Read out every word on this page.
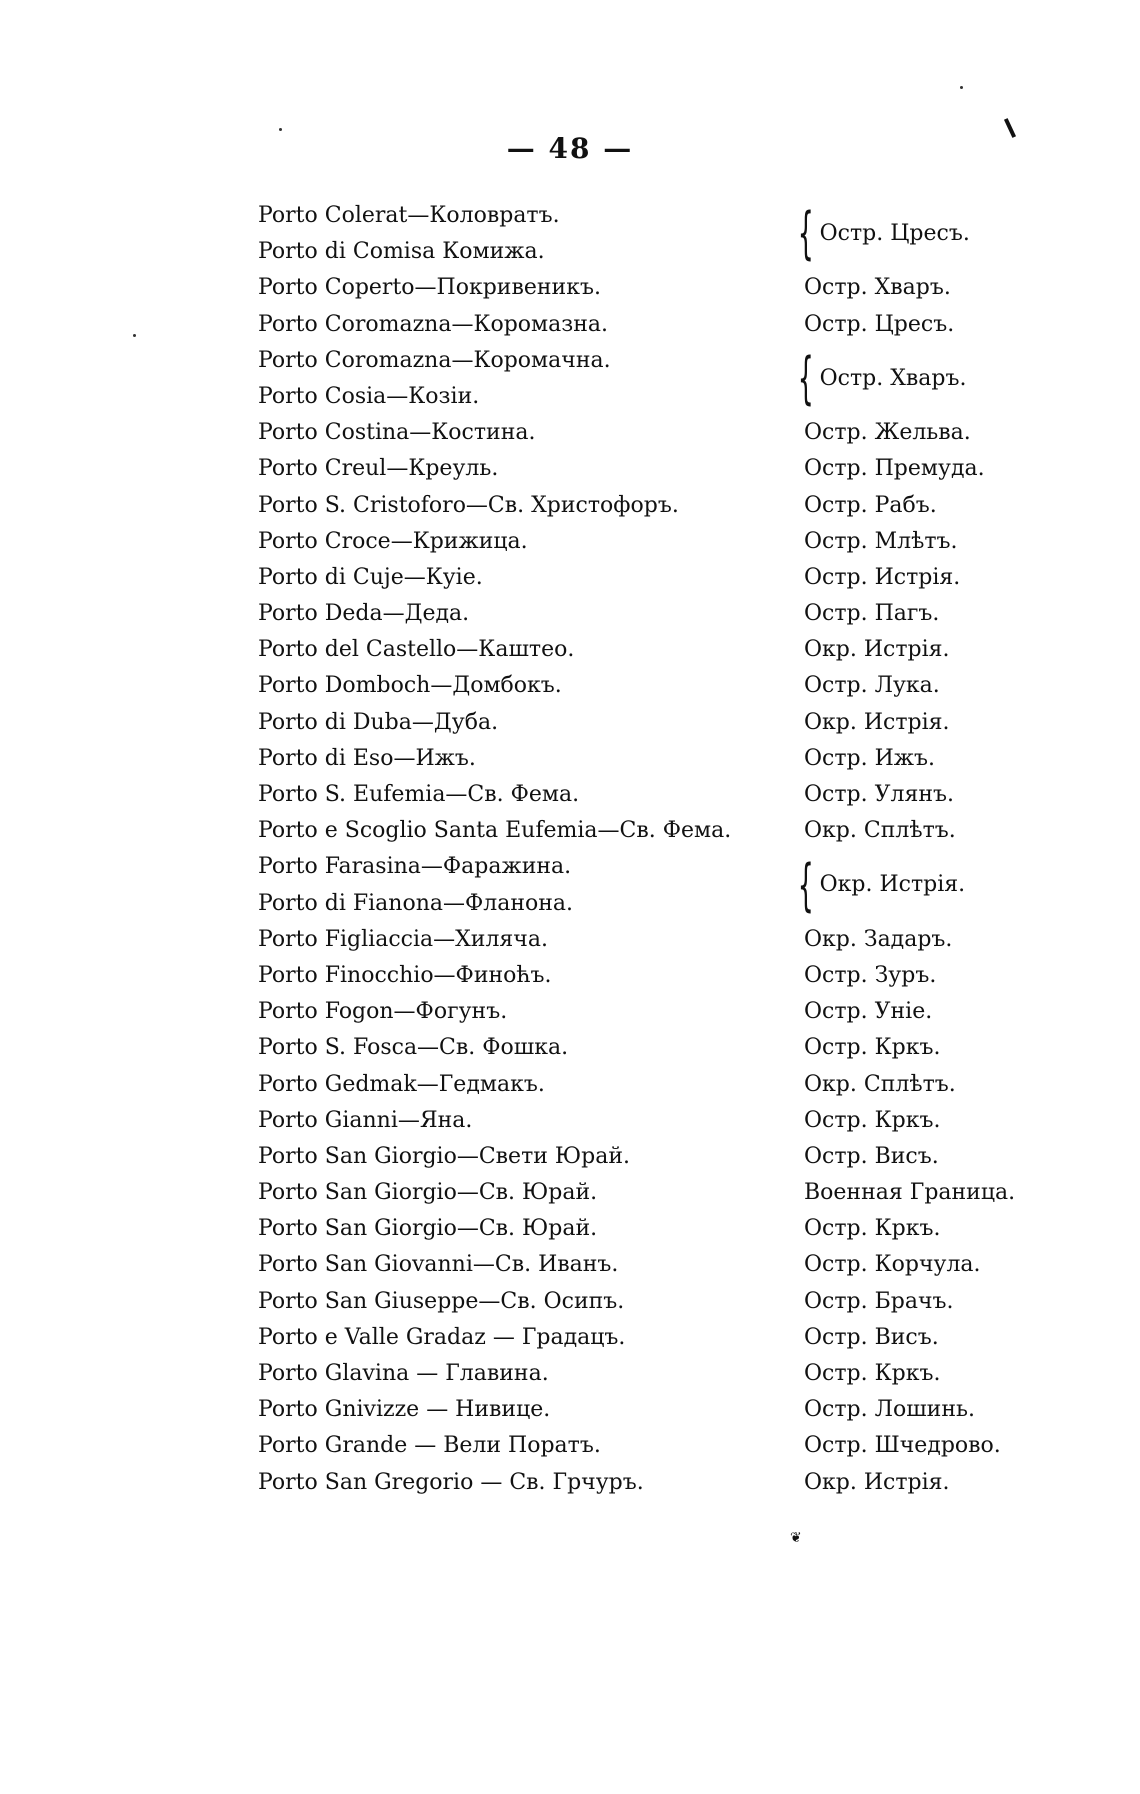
— 48 —
Porto Colerat—Коловратъ.	{ Остр. Цресъ.
Porto di Comisa Комижа.
Porto Coperto—Покривеникъ.	Остр. Хваръ.
Porto Coromazna—Коромазна.	Остр. Цресъ.
Porto Coromazna—Коромачна.	{ Остр. Хваръ.
Porto Cosia—Козіи.
Porto Costina—Костина.	Остр. Жельва.
Porto Creul—Креуль.	Остр. Премуда.
Porto S. Cristoforo—Св. Христофоръ.	Остр. Рабъ.
Porto Croce—Крижица.	Остр. Млѣтъ.
Porto di Cuje—Куіе.	Остр. Истрія.
Porto Deda—Деда.	Остр. Пагъ.
Porto del Castello—Каштео.	Окр. Истрія.
Porto Domboch—Домбокъ.	Остр. Лука.
Porto di Duba—Дуба.	Окр. Истрія.
Porto di Eso—Ижъ.	Остр. Ижъ.
Porto S. Eufemia—Св. Фема.	Остр. Улянъ.
Porto e Scoglio Santa Eufemia—Св. Фема.	Окр. Сплѣтъ.
Porto Farasina—Фаражина.	{ Окр. Истрія.
Porto di Fianona—Фланона.
Porto Figliaccia—Хиляча.	Окр. Задаръ.
Porto Finocchio—Финоћъ.	Остр. Зуръ.
Porto Fogon—Фогунъ.	Остр. Уніе.
Porto S. Fosca—Св. Фошка.	Остр. Кркъ.
Porto Gedmak—Гедмакъ.	Окр. Сплѣтъ.
Porto Gianni—Яна.	Остр. Кркъ.
Porto San Giorgio—Свети Юрай.	Остр. Висъ.
Porto San Giorgio—Св. Юрай.	Военная Граница.
Porto San Giorgio—Св. Юрай.	Остр. Кркъ.
Porto San Giovanni—Св. Иванъ.	Остр. Корчула.
Porto San Giuseppe—Св. Осипъ.	Остр. Брачъ.
Porto e Valle Gradaz — Градацъ.	Остр. Висъ.
Porto Glavina — Главина.	Остр. Кркъ.
Porto Gnivizze — Нивице.	Остр. Лошинь.
Porto Grande — Вели Поратъ.	Остр. Шчедрово.
Porto San Gregorio — Св. Грчуръ.	Окр. Истрія.
❦
